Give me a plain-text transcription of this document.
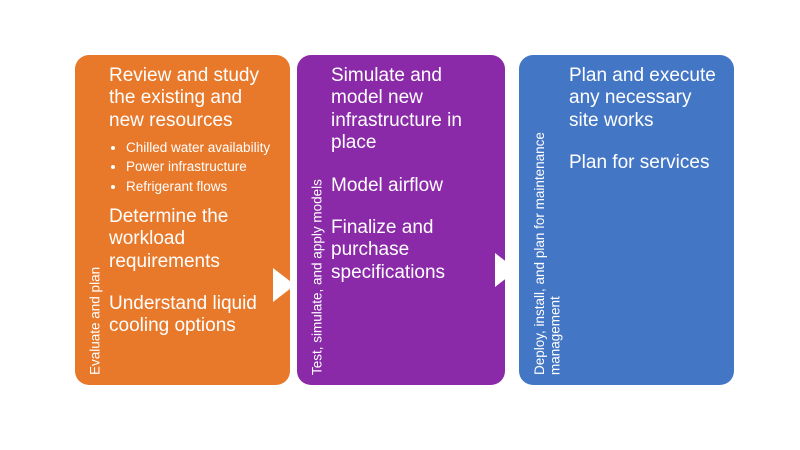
Evaluate and plan
Review and study the existing and new resources
• Chilled water availability
• Power infrastructure
• Refrigerant flows
Determine the workload requirements
Understand liquid cooling options	Test, simulate, and apply models
Simulate and model new infrastructure in place
Model airflow
Finalize and purchase specifications	Deploy, install, and plan for maintenance management
Plan and execute any necessary site works
Plan for services
